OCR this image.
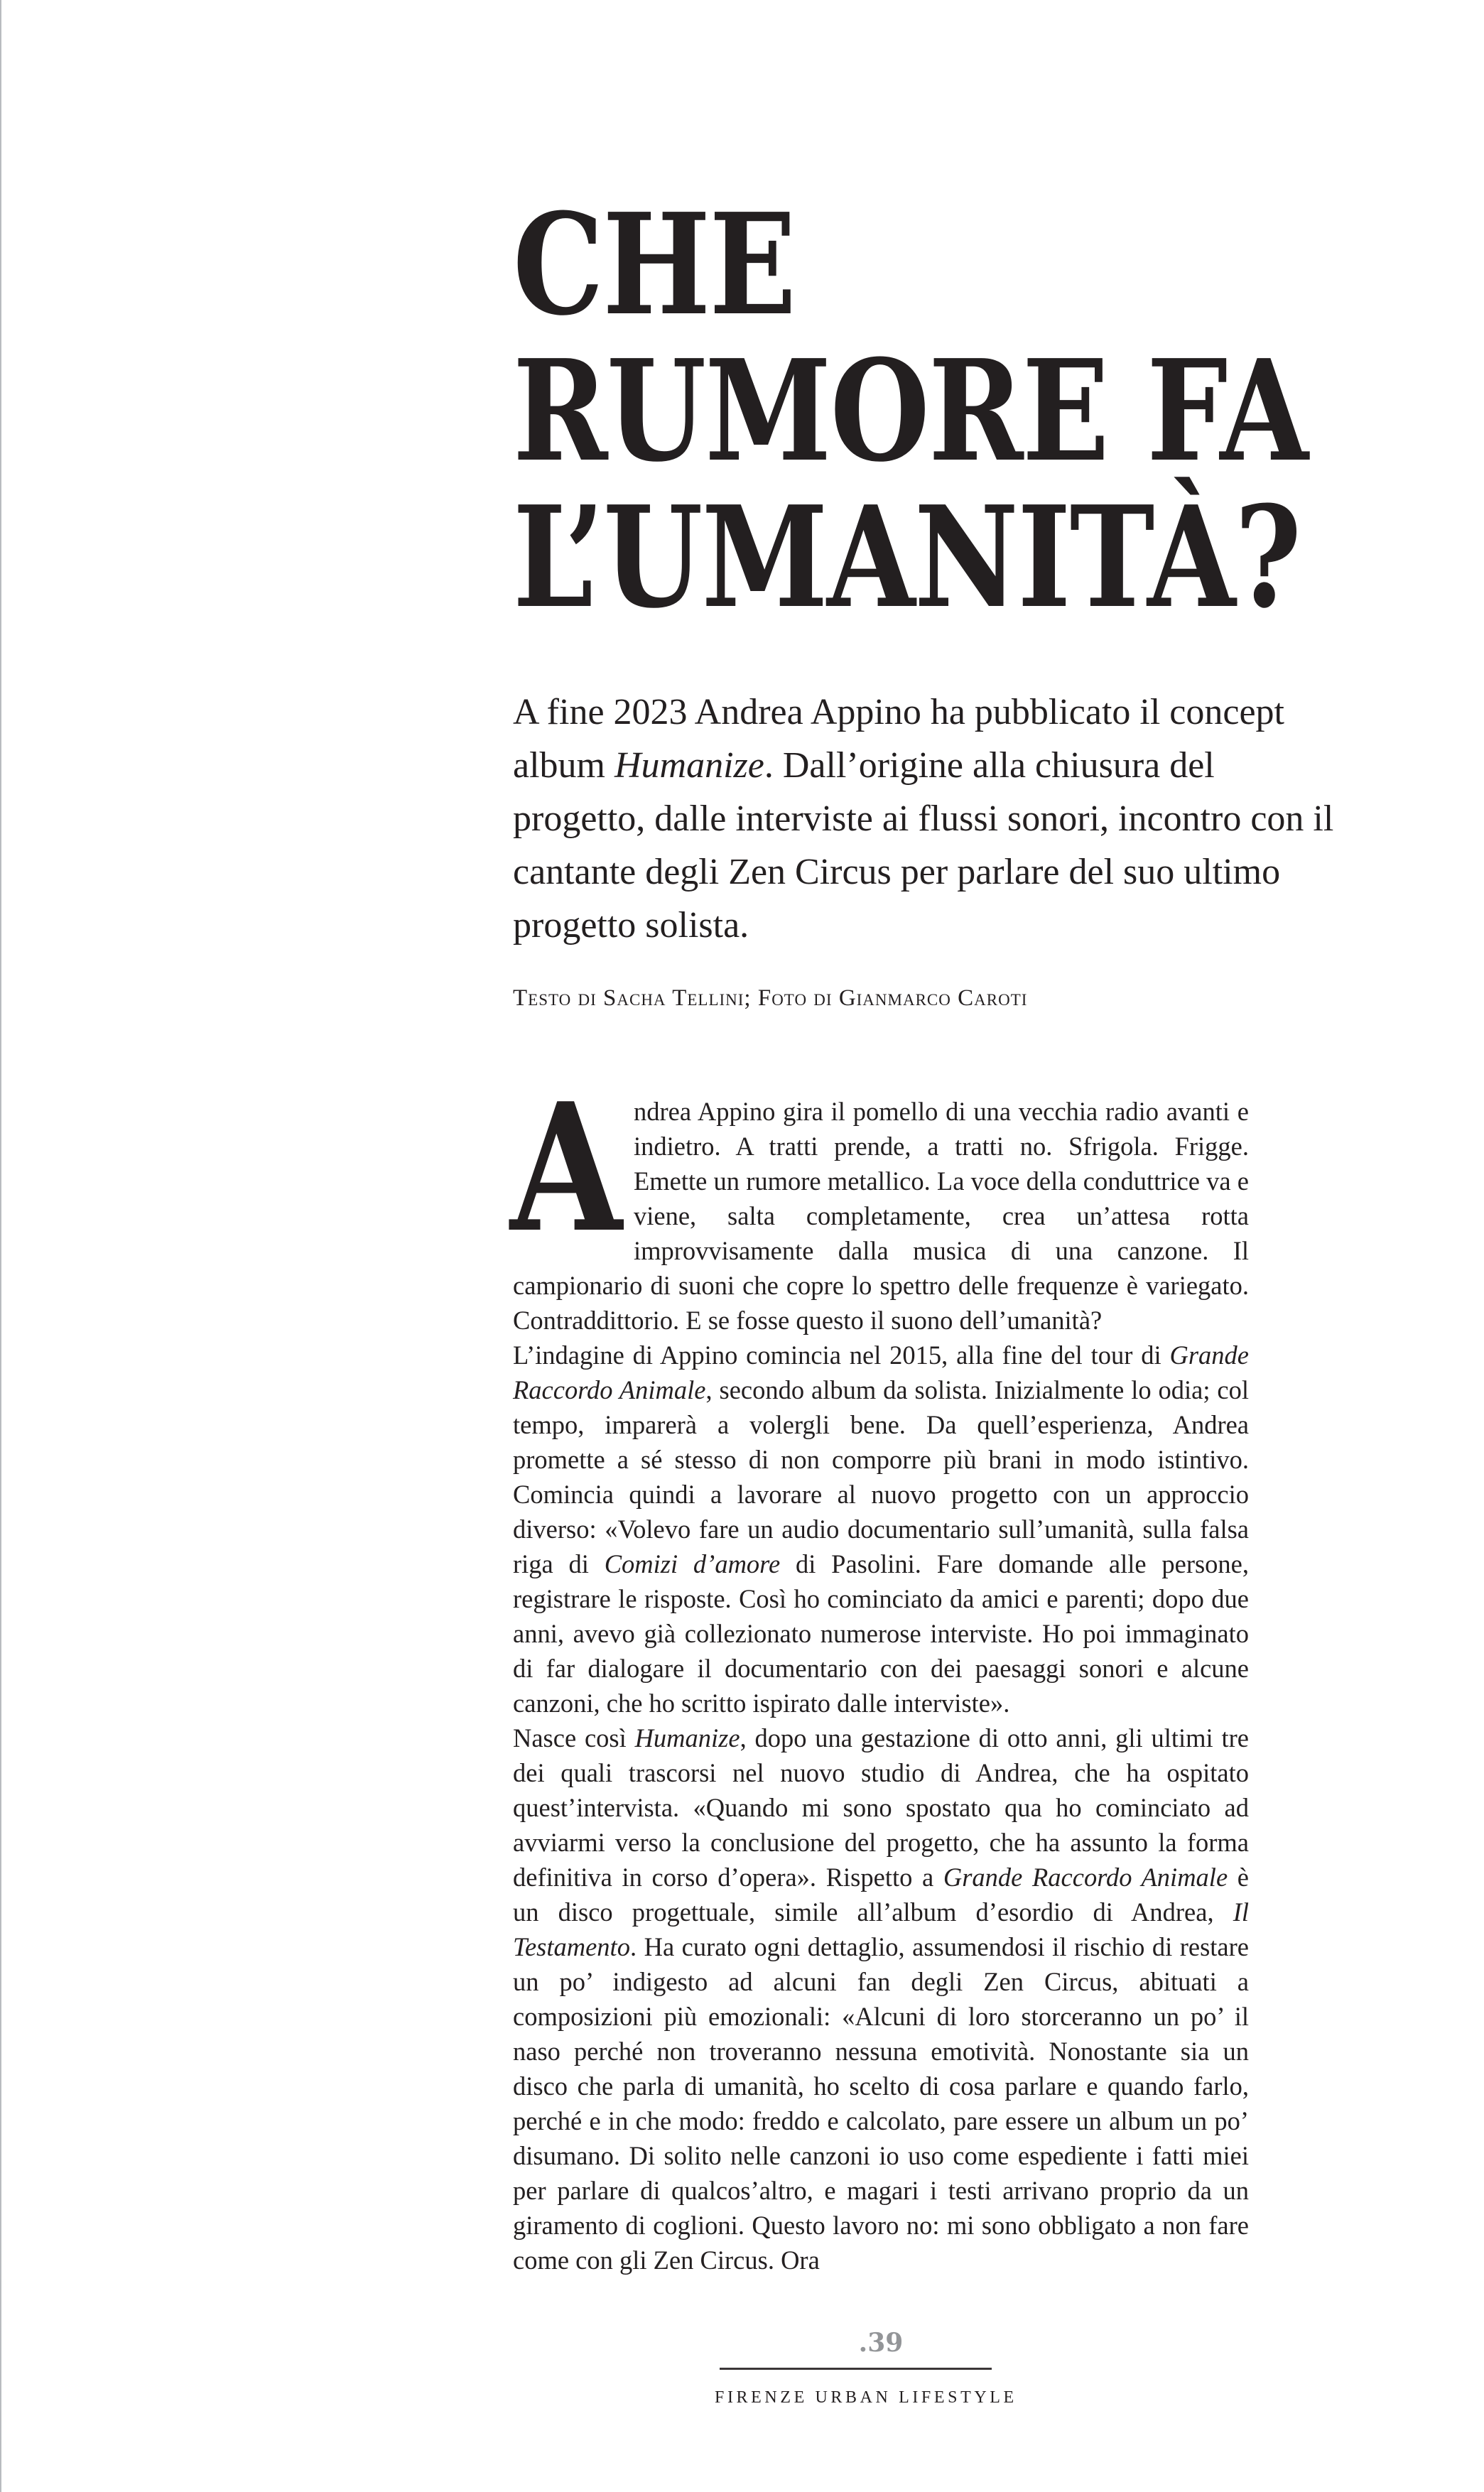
CHE
RUMORE FA
L’UMANITÀ?

A fine 2023 Andrea Appino ha pubblicato il concept album Humanize. Dall’origine alla chiusura del progetto, dalle interviste ai flussi sonori, incontro con il cantante degli Zen Circus per parlare del suo ultimo progetto solista.

Testo di Sacha Tellini; Foto di Gianmarco Caroti

A ndrea Appino gira il pomello di una vecchia radio avanti e indietro. A tratti prende, a tratti no. Sfrigola. Frigge. Emette un rumore metallico. La voce della conduttrice va e viene, salta completamente, crea un’attesa rotta improvvisamente dalla musica di una canzone. Il campionario di suoni che copre lo spettro delle frequenze è variegato. Contraddittorio. E se fosse questo il suono dell’umanità?

L’indagine di Appino comincia nel 2015, alla fine del tour di Grande Raccordo Animale, secondo album da solista. Inizialmente lo odia; col tempo, imparerà a volergli bene. Da quell’esperienza, Andrea promette a sé stesso di non comporre più brani in modo istintivo. Comincia quindi a lavorare al nuovo progetto con un approccio diverso: «Volevo fare un audio documentario sull’umanità, sulla falsa riga di Comizi d’amore di Pasolini. Fare domande alle persone, registrare le risposte. Così ho cominciato da amici e parenti; dopo due anni, avevo già collezionato numerose interviste. Ho poi immaginato di far dialogare il documentario con dei paesaggi sonori e alcune canzoni, che ho scritto ispirato dalle interviste».

Nasce così Humanize, dopo una gestazione di otto anni, gli ultimi tre dei quali trascorsi nel nuovo studio di Andrea, che ha ospitato quest’intervista. «Quando mi sono spostato qua ho cominciato ad avviarmi verso la conclusione del progetto, che ha assunto la forma definitiva in corso d’opera». Rispetto a Grande Raccordo Animale è un disco progettuale, simile all’album d’esordio di Andrea, Il Testamento. Ha curato ogni dettaglio, assumendosi il rischio di restare un po’ indigesto ad alcuni fan degli Zen Circus, abituati a composizioni più emozionali: «Alcuni di loro storceranno un po’ il naso perché non troveranno nessuna emotività. Nonostante sia un disco che parla di umanità, ho scelto di cosa parlare e quando farlo, perché e in che modo: freddo e calcolato, pare essere un album un po’ disumano. Di solito nelle canzoni io uso come espediente i fatti miei per parlare di qualcos’altro, e magari i testi arrivano proprio da un giramento di coglioni. Questo lavoro no: mi sono obbligato a non fare come con gli Zen Circus. Ora

.39
FIRENZE URBAN LIFESTYLE
